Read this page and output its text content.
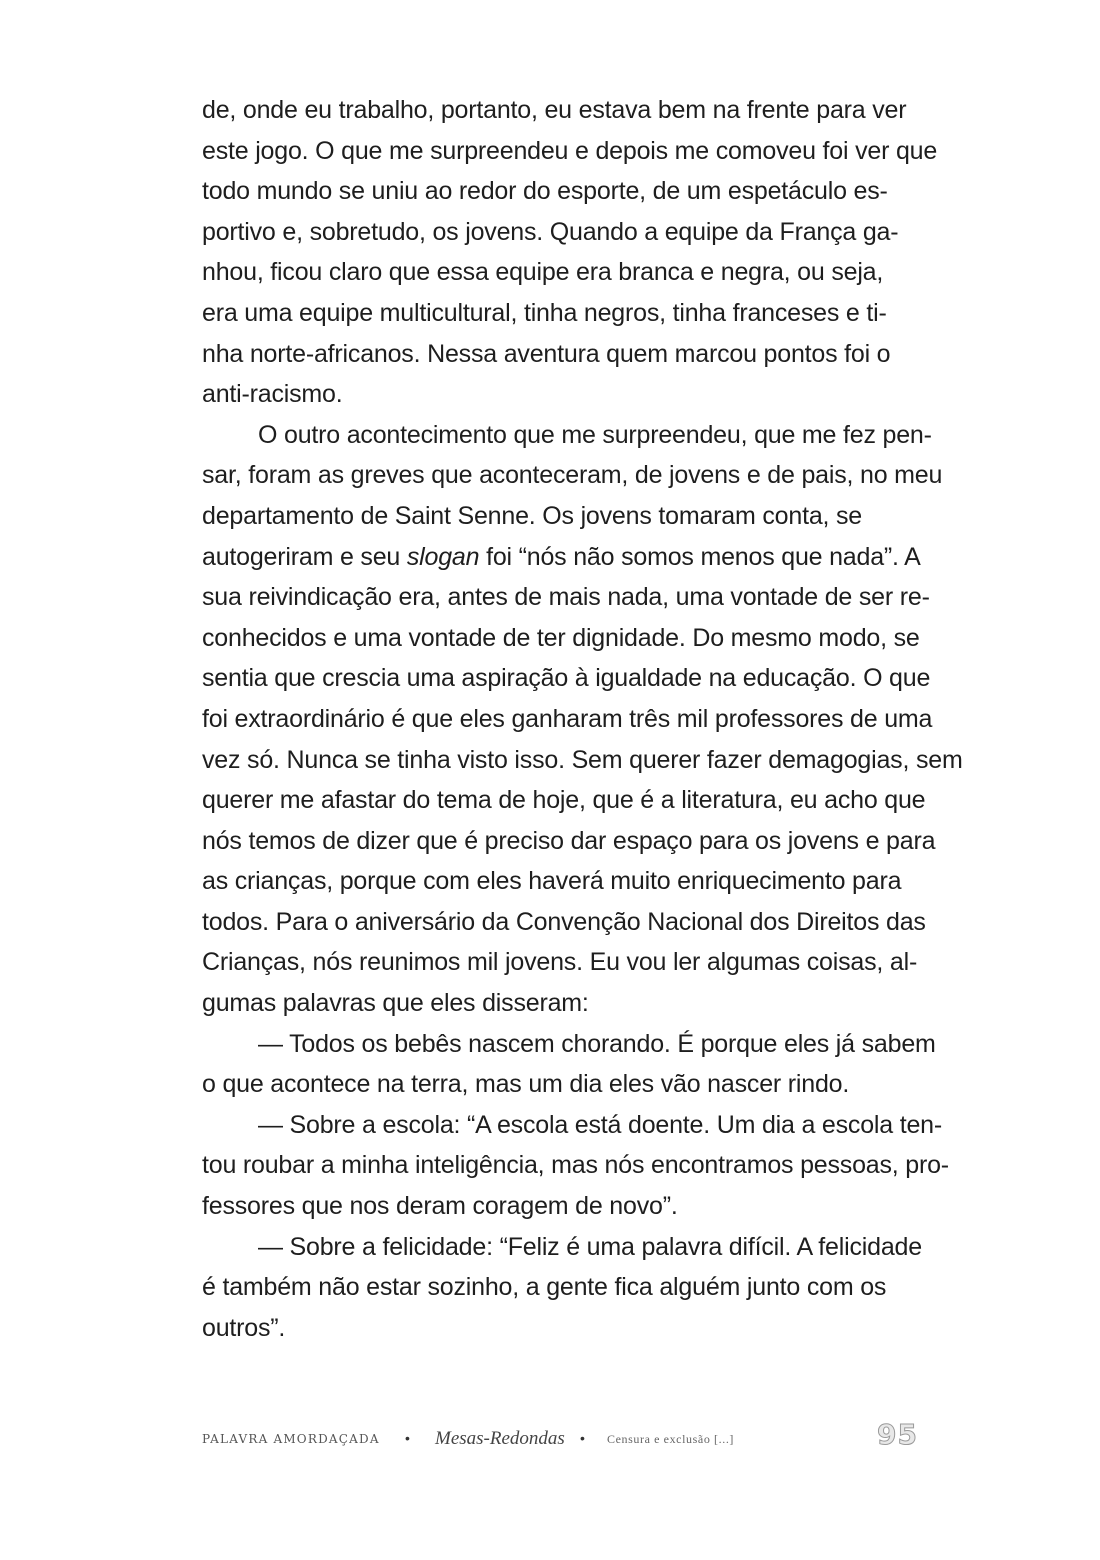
de, onde eu trabalho, portanto, eu estava bem na frente para ver
este jogo. O que me surpreendeu e depois me comoveu foi ver que
todo mundo se uniu ao redor do esporte, de um espetáculo es-
portivo e, sobretudo, os jovens. Quando a equipe da França ga-
nhou, ficou claro que essa equipe era branca e negra, ou seja,
era uma equipe multicultural, tinha negros, tinha franceses e ti-
nha norte-africanos. Nessa aventura quem marcou pontos foi o
anti-racismo.
O outro acontecimento que me surpreendeu, que me fez pen-
sar, foram as greves que aconteceram, de jovens e de pais, no meu
departamento de Saint Senne. Os jovens tomaram conta, se
autogeriram e seu slogan foi “nós não somos menos que nada”. A
sua reivindicação era, antes de mais nada, uma vontade de ser re-
conhecidos e uma vontade de ter dignidade. Do mesmo modo, se
sentia que crescia uma aspiração à igualdade na educação. O que
foi extraordinário é que eles ganharam três mil professores de uma
vez só. Nunca se tinha visto isso. Sem querer fazer demagogias, sem
querer me afastar do tema de hoje, que é a literatura, eu acho que
nós temos de dizer que é preciso dar espaço para os jovens e para
as crianças, porque com eles haverá muito enriquecimento para
todos. Para o aniversário da Convenção Nacional dos Direitos das
Crianças, nós reunimos mil jovens. Eu vou ler algumas coisas, al-
gumas palavras que eles disseram:
— Todos os bebês nascem chorando. É porque eles já sabem
o que acontece na terra, mas um dia eles vão nascer rindo.
— Sobre a escola: “A escola está doente. Um dia a escola ten-
tou roubar a minha inteligência, mas nós encontramos pessoas, pro-
fessores que nos deram coragem de novo”.
— Sobre a felicidade: “Feliz é uma palavra difícil. A felicidade
é também não estar sozinho, a gente fica alguém junto com os
outros”.
PALAVRA AMORDAÇADA • Mesas-Redondas • Censura e exclusão [...]	95
